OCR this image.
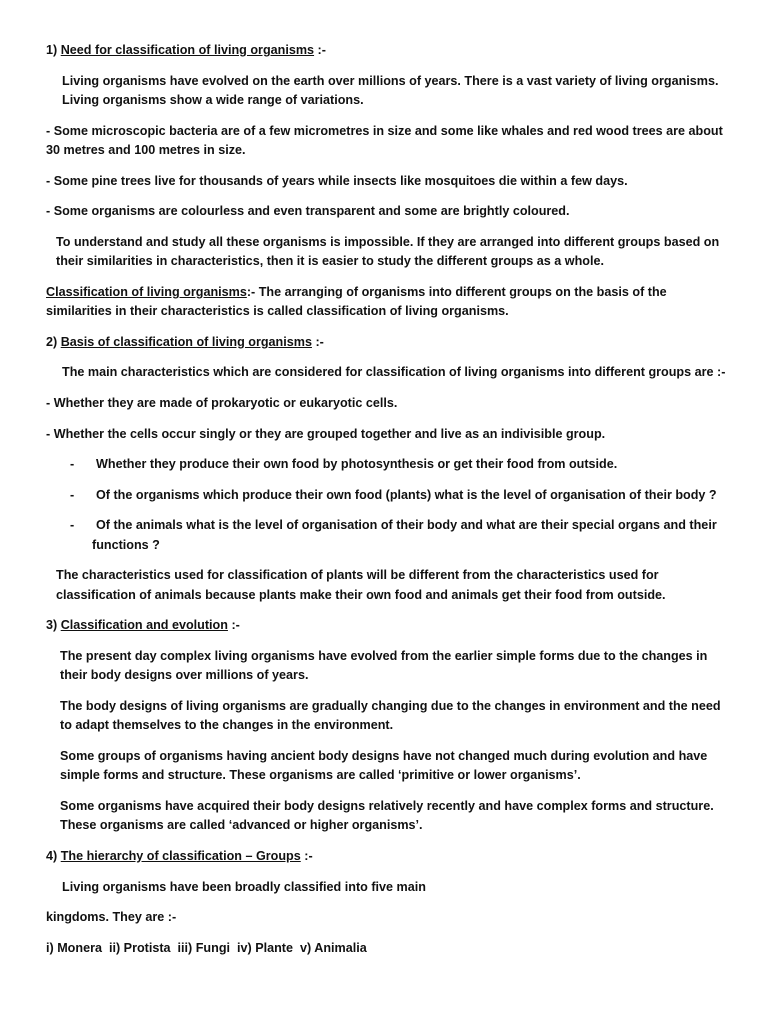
1) Need for classification of living organisms :-

Living organisms have evolved on the earth over millions of years. There is a vast variety of living organisms. Living organisms show a wide range of variations.

- Some microscopic bacteria are of a few micrometres in size and some like whales and red wood trees are about 30 metres and 100 metres in size.

- Some pine trees live for thousands of years while insects like mosquitoes die within a few days.

- Some organisms are colourless and even transparent and some are brightly coloured.

To understand and study all these organisms is impossible. If they are arranged into different groups based on their similarities in characteristics, then it is easier to study the different groups as a whole.

Classification of living organisms:- The arranging of organisms into different groups on the basis of the similarities in their characteristics is called classification of living organisms.

2) Basis of classification of living organisms :-

The main characteristics which are considered for classification of living organisms into different groups are :-

- Whether they are made of prokaryotic or eukaryotic cells.

- Whether the cells occur singly or they are grouped together and live as an indivisible group.

- Whether they produce their own food by photosynthesis or get their food from outside.
- Of the organisms which produce their own food (plants) what is the level of organisation of their body ?
- Of the animals what is the level of organisation of their body and what are their special organs and their
functions ?

The characteristics used for classification of plants will be different from the characteristics used for classification of animals because plants make their own food and animals get their food from outside.

3) Classification and evolution :-

The present day complex living organisms have evolved from the earlier simple forms due to the changes in their body designs over millions of years.

The body designs of living organisms are gradually changing due to the changes in environment and the need to adapt themselves to the changes in the environment.

Some groups of organisms having ancient body designs have not changed much during evolution and have simple forms and structure. These organisms are called ‘primitive or lower organisms’.

Some organisms have acquired their body designs relatively recently and have complex forms and structure. These organisms are called ‘advanced or higher organisms’.

4) The hierarchy of classification – Groups :-

Living organisms have been broadly classified into five main

kingdoms. They are :-

i) Monera  ii) Protista  iii) Fungi  iv) Plante  v) Animalia
